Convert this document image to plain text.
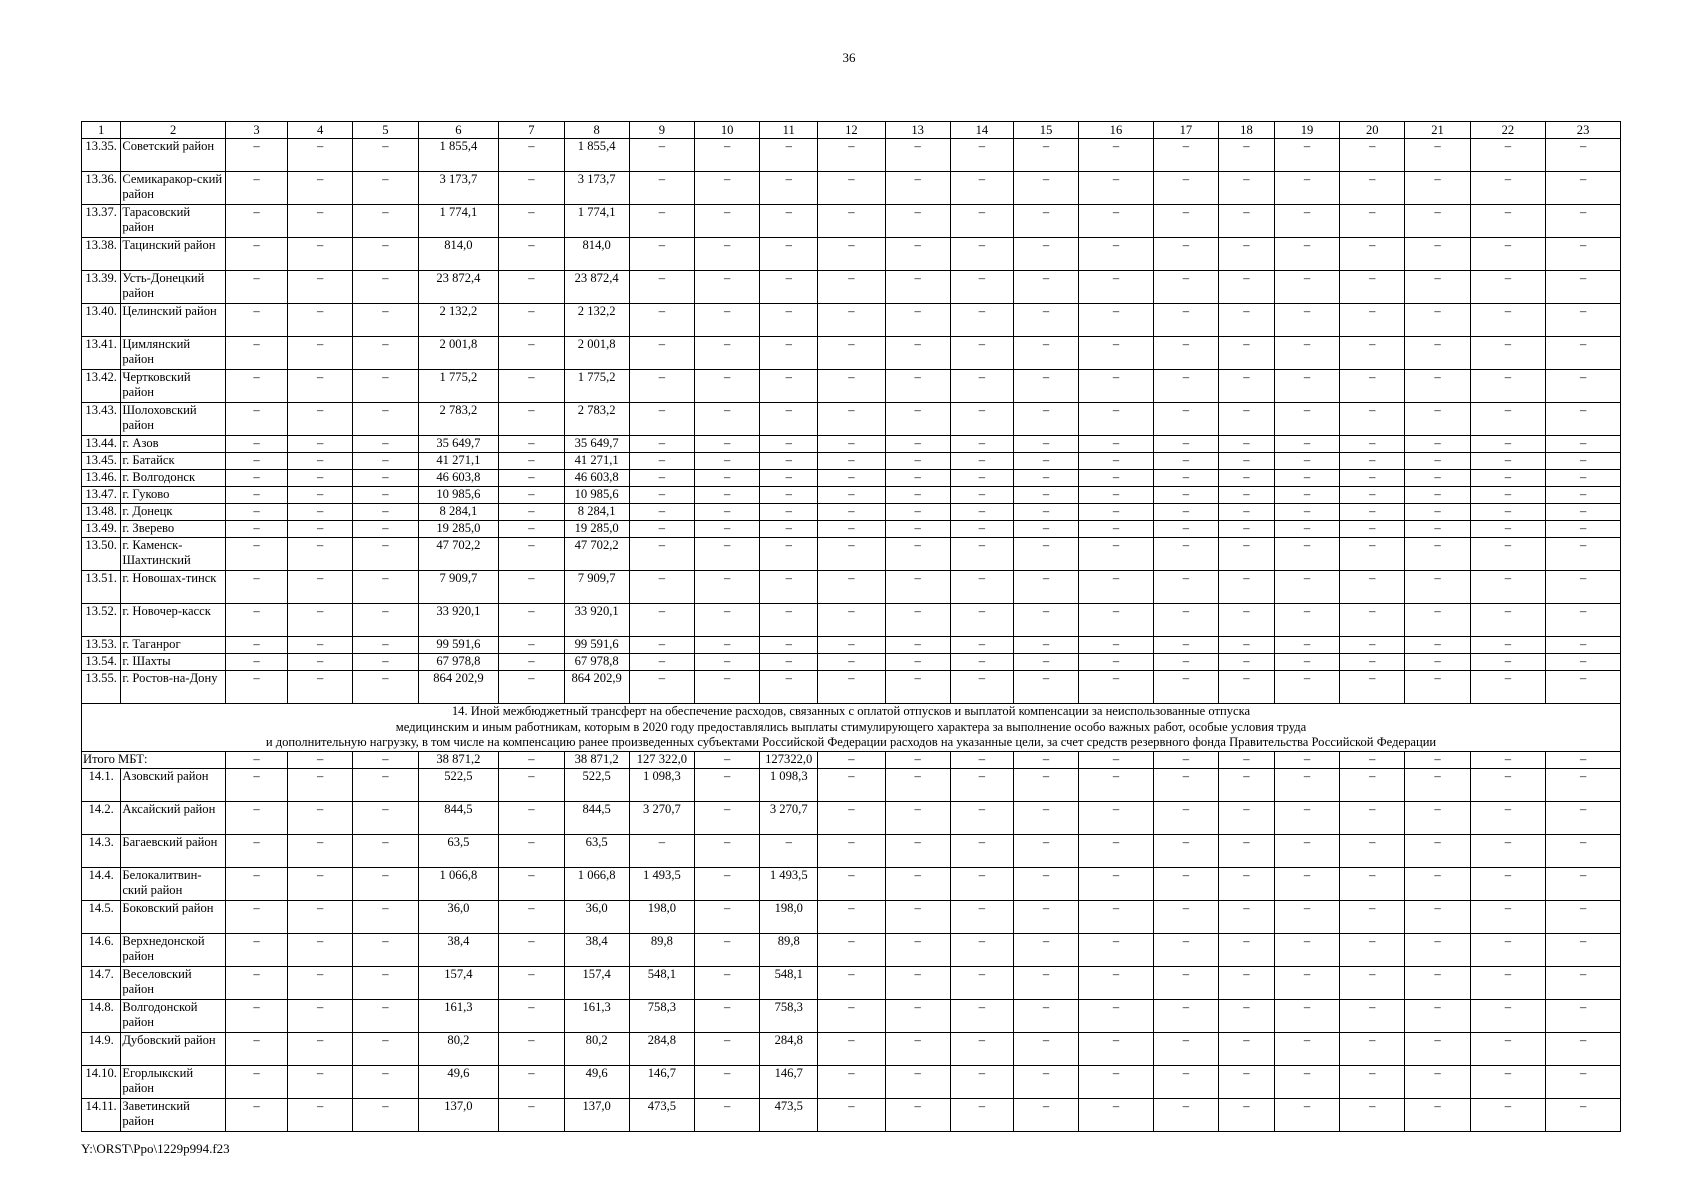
36
1	2	3	4	5	6	7	8	9	10	11	12	13	14	15	16	17	18	19	20	21	22	23
13.35.	Советский район	–	–	–	1 855,4	–	1 855,4	–	–	–	–	–	–	–	–	–	–	–	–	–	–	–
13.36.	Семикаракор-ский район	–	–	–	3 173,7	–	3 173,7	–	–	–	–	–	–	–	–	–	–	–	–	–	–	–
13.37.	Тарасовский район	–	–	–	1 774,1	–	1 774,1	–	–	–	–	–	–	–	–	–	–	–	–	–	–	–
13.38.	Тацинский район	–	–	–	814,0	–	814,0	–	–	–	–	–	–	–	–	–	–	–	–	–	–	–
13.39.	Усть-Донецкий район	–	–	–	23 872,4	–	23 872,4	–	–	–	–	–	–	–	–	–	–	–	–	–	–	–
13.40.	Целинский район	–	–	–	2 132,2	–	2 132,2	–	–	–	–	–	–	–	–	–	–	–	–	–	–	–
13.41.	Цимлянский район	–	–	–	2 001,8	–	2 001,8	–	–	–	–	–	–	–	–	–	–	–	–	–	–	–
13.42.	Чертковский район	–	–	–	1 775,2	–	1 775,2	–	–	–	–	–	–	–	–	–	–	–	–	–	–	–
13.43.	Шолоховский район	–	–	–	2 783,2	–	2 783,2	–	–	–	–	–	–	–	–	–	–	–	–	–	–	–
13.44.	г. Азов	–	–	–	35 649,7	–	35 649,7	–	–	–	–	–	–	–	–	–	–	–	–	–	–	–
13.45.	г. Батайск	–	–	–	41 271,1	–	41 271,1	–	–	–	–	–	–	–	–	–	–	–	–	–	–	–
13.46.	г. Волгодонск	–	–	–	46 603,8	–	46 603,8	–	–	–	–	–	–	–	–	–	–	–	–	–	–	–
13.47.	г. Гуково	–	–	–	10 985,6	–	10 985,6	–	–	–	–	–	–	–	–	–	–	–	–	–	–	–
13.48.	г. Донецк	–	–	–	8 284,1	–	8 284,1	–	–	–	–	–	–	–	–	–	–	–	–	–	–	–
13.49.	г. Зверево	–	–	–	19 285,0	–	19 285,0	–	–	–	–	–	–	–	–	–	–	–	–	–	–	–
13.50.	г. Каменск-Шахтинский	–	–	–	47 702,2	–	47 702,2	–	–	–	–	–	–	–	–	–	–	–	–	–	–	–
13.51.	г. Новошах-тинск	–	–	–	7 909,7	–	7 909,7	–	–	–	–	–	–	–	–	–	–	–	–	–	–	–
13.52.	г. Новочер-касск	–	–	–	33 920,1	–	33 920,1	–	–	–	–	–	–	–	–	–	–	–	–	–	–	–
13.53.	г. Таганрог	–	–	–	99 591,6	–	99 591,6	–	–	–	–	–	–	–	–	–	–	–	–	–	–	–
13.54.	г. Шахты	–	–	–	67 978,8	–	67 978,8	–	–	–	–	–	–	–	–	–	–	–	–	–	–	–
13.55.	г. Ростов-на-Дону	–	–	–	864 202,9	–	864 202,9	–	–	–	–	–	–	–	–	–	–	–	–	–	–	–

14. Иной межбюджетный трансферт на обеспечение расходов, связанных с оплатой отпусков и выплатой компенсации за неиспользованные отпуска
медицинским и иным работникам, которым в 2020 году предоставлялись выплаты стимулирующего характера за выполнение особо важных работ, особые условия труда
и дополнительную нагрузку, в том числе на компенсацию ранее произведенных субъектами Российской Федерации расходов на указанные цели, за счет средств резервного фонда Правительства Российской Федерации																						

Итого МБТ:		–	–	–	38 871,2	–	38 871,2	127 322,0	–	127322,0	–	–	–	–	–	–	–	–	–	–	–	–
14.1.	Азовский район	–	–	–	522,5	–	522,5	1 098,3	–	1 098,3	–	–	–	–	–	–	–	–	–	–	–	–
14.2.	Аксайский район	–	–	–	844,5	–	844,5	3 270,7	–	3 270,7	–	–	–	–	–	–	–	–	–	–	–	–
14.3.	Багаевский район	–	–	–	63,5	–	63,5	–	–	–	–	–	–	–	–	–	–	–	–	–	–	–
14.4.	Белокалитвин-ский район	–	–	–	1 066,8	–	1 066,8	1 493,5	–	1 493,5	–	–	–	–	–	–	–	–	–	–	–	–
14.5.	Боковский район	–	–	–	36,0	–	36,0	198,0	–	198,0	–	–	–	–	–	–	–	–	–	–	–	–
14.6.	Верхнедонской район	–	–	–	38,4	–	38,4	89,8	–	89,8	–	–	–	–	–	–	–	–	–	–	–	–
14.7.	Веселовский район	–	–	–	157,4	–	157,4	548,1	–	548,1	–	–	–	–	–	–	–	–	–	–	–	–
14.8.	Волгодонской район	–	–	–	161,3	–	161,3	758,3	–	758,3	–	–	–	–	–	–	–	–	–	–	–	–
14.9.	Дубовский район	–	–	–	80,2	–	80,2	284,8	–	284,8	–	–	–	–	–	–	–	–	–	–	–	–
14.10.	Егорлыкский район	–	–	–	49,6	–	49,6	146,7	–	146,7	–	–	–	–	–	–	–	–	–	–	–	–
14.11.	Заветинский район	–	–	–	137,0	–	137,0	473,5	–	473,5	–	–	–	–	–	–	–	–	–	–	–	–
Y:\ORST\Ppo\1229p994.f23
